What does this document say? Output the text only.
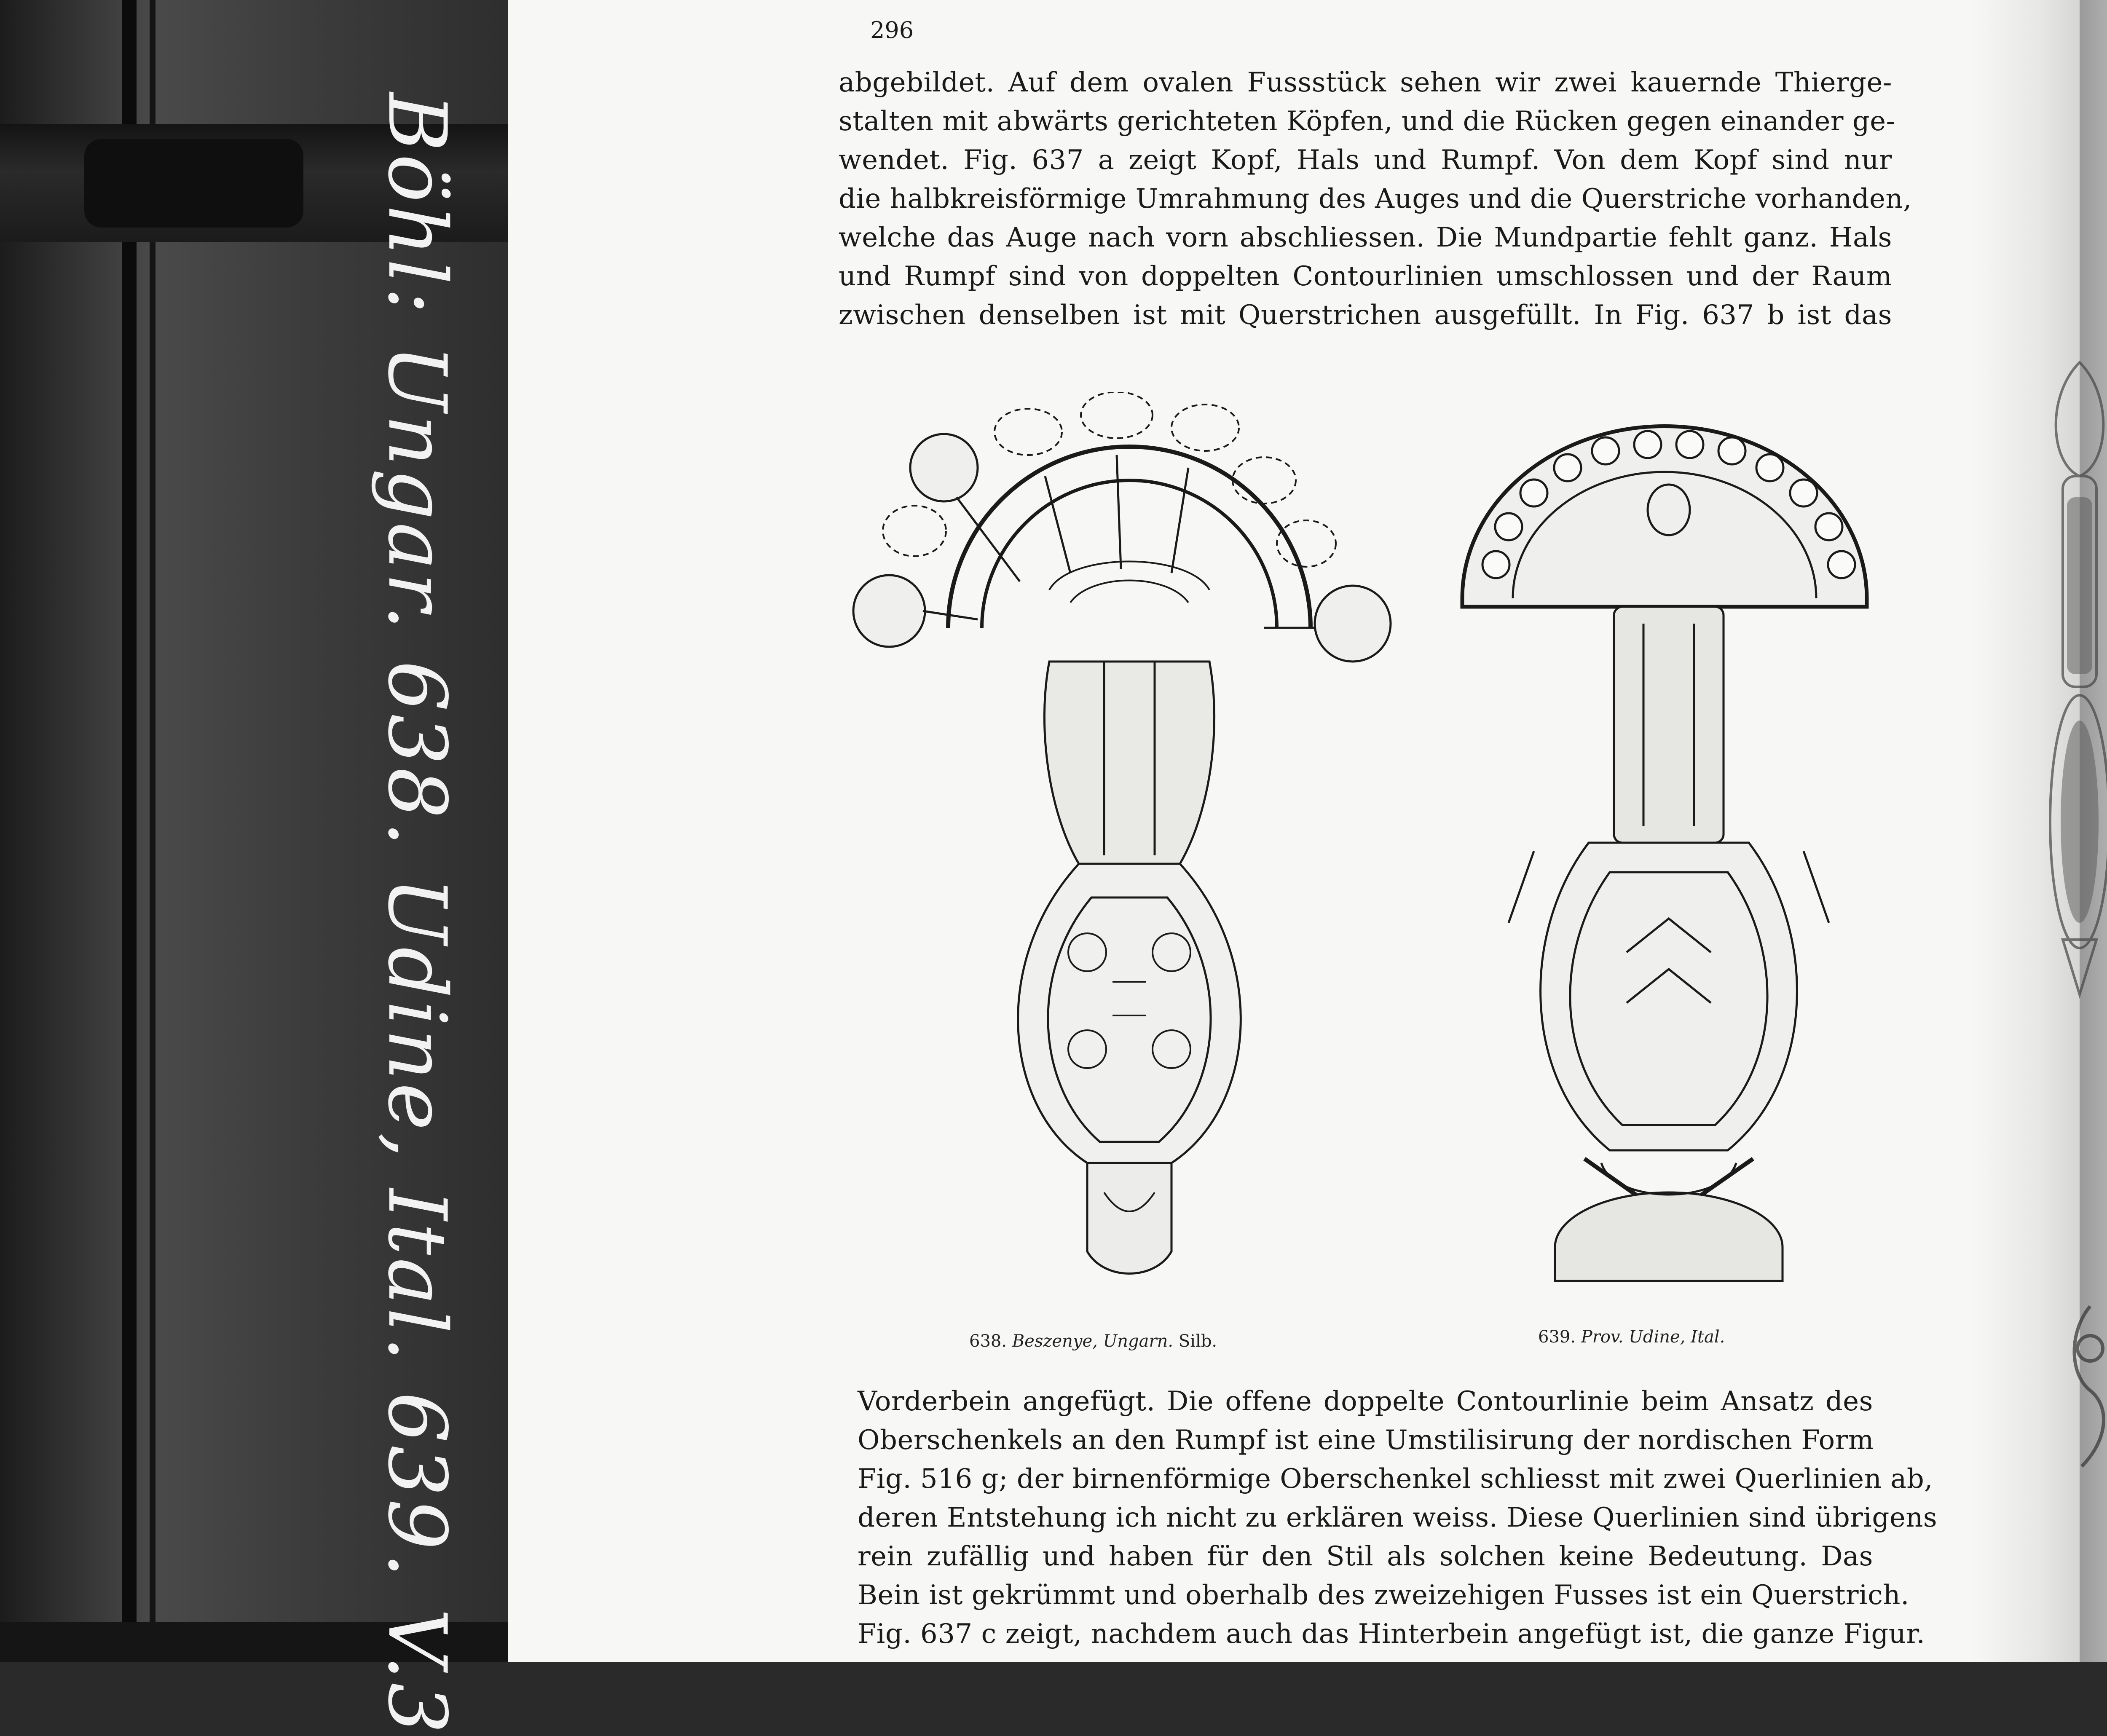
Böhl: Ungar. 638. Udine, Ital. 639. V.3
296
abgebildet. Auf dem ovalen Fussstück sehen wir zwei kauernde Thierge-
stalten mit abwärts gerichteten Köpfen, und die Rücken gegen einander ge-
wendet. Fig. 637 a zeigt Kopf, Hals und Rumpf. Von dem Kopf sind nur
die halbkreisförmige Umrahmung des Auges und die Querstriche vorhanden,
welche das Auge nach vorn abschliessen. Die Mundpartie fehlt ganz. Hals
und Rumpf sind von doppelten Contourlinien umschlossen und der Raum
zwischen denselben ist mit Querstrichen ausgefüllt. In Fig. 637 b ist das
638. Beszenye, Ungarn. Silb.	639. Prov. Udine, Ital.
Vorderbein angefügt. Die offene doppelte Contourlinie beim Ansatz des
Oberschenkels an den Rumpf ist eine Umstilisirung der nordischen Form
Fig. 516 g; der birnenförmige Oberschenkel schliesst mit zwei Querlinien ab,
deren Entstehung ich nicht zu erklären weiss. Diese Querlinien sind übrigens
rein zufällig und haben für den Stil als solchen keine Bedeutung. Das
Bein ist gekrümmt und oberhalb des zweizehigen Fusses ist ein Querstrich.
Fig. 637 c zeigt, nachdem auch das Hinterbein angefügt ist, die ganze Figur.
